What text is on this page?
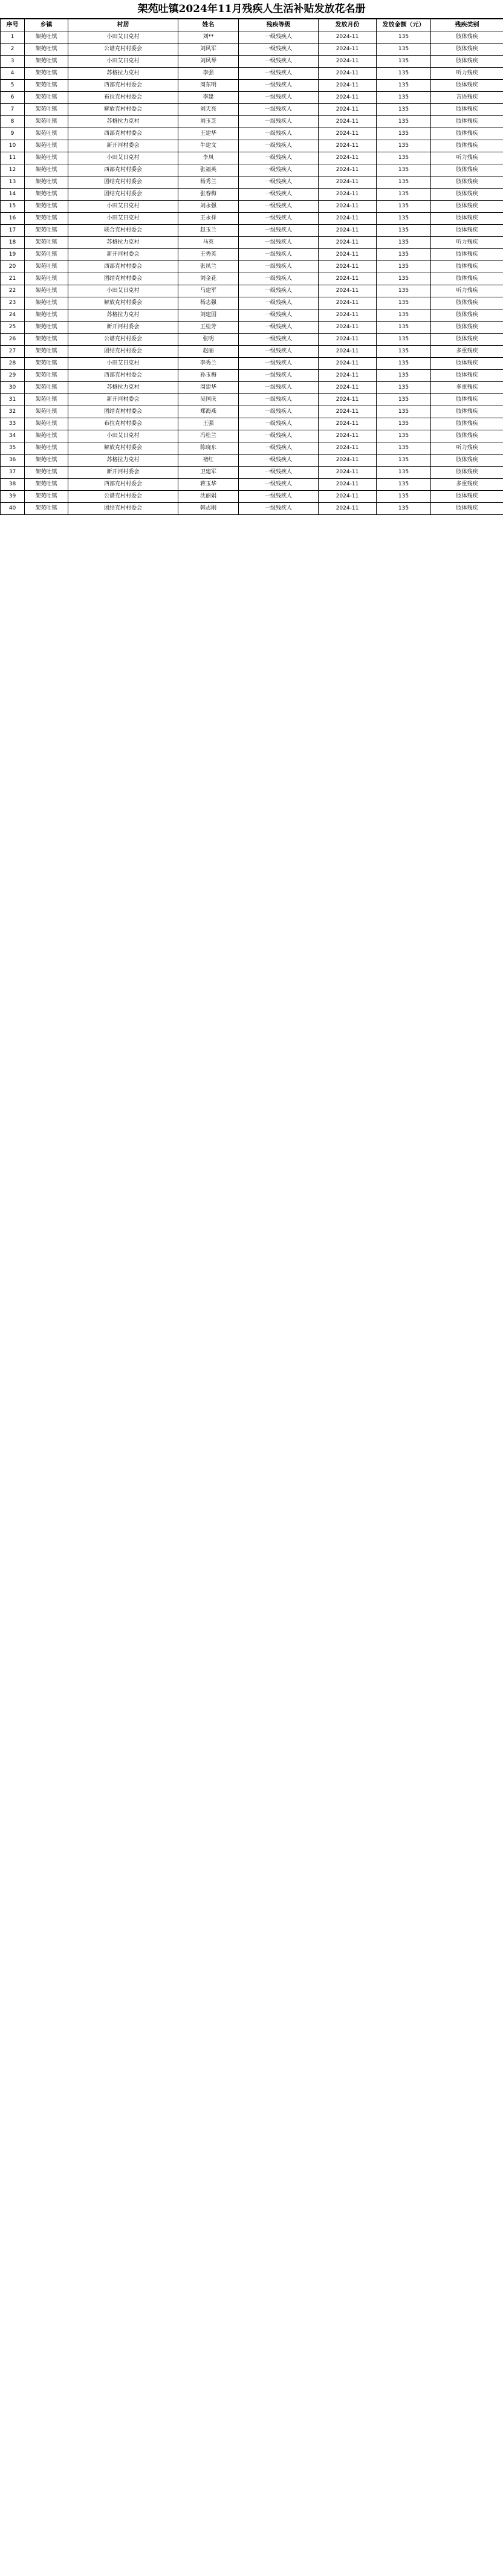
架苑吐镇2024年11月残疾人生活补贴发放花名册
序号	乡镇	村居	姓名	残疾等级	发放月份	发放金额（元）	残疾类别
1	架苑吐镇	小田艾日克村	刘**	一级残疾人	2024-11	135	肢体残疾
2	架苑吐镇	公谱克村村委会	刘风军	一级残疾人	2024-11	135	肢体残疾
3	架苑吐镇	小田艾日克村	刘风琴	一级残疾人	2024-11	135	肢体残疾
4	架苑吐镇	苏格拉力克村	李强	一级残疾人	2024-11	135	听力残疾
5	架苑吐镇	西部克村村委会	周东明	一级残疾人	2024-11	135	肢体残疾
6	架苑吐镇	布拉克村村委会	李建	一级残疾人	2024-11	135	言语残疾
7	架苑吐镇	解放克村村委会	刘天亮	一级残疾人	2024-11	135	肢体残疾
8	架苑吐镇	苏格拉力克村	刘玉芝	一级残疾人	2024-11	135	肢体残疾
9	架苑吐镇	西部克村村委会	王建华	一级残疾人	2024-11	135	肢体残疾
10	架苑吐镇	新开河村委会	牛建文	一级残疾人	2024-11	135	肢体残疾
11	架苑吐镇	小田艾日克村	李凤	一级残疾人	2024-11	135	听力残疾
12	架苑吐镇	西部克村村委会	张福英	一级残疾人	2024-11	135	肢体残疾
13	架苑吐镇	团结克村村委会	杨秀兰	一级残疾人	2024-11	135	肢体残疾
14	架苑吐镇	团结克村村委会	张春梅	一级残疾人	2024-11	135	肢体残疾
15	架苑吐镇	小田艾日克村	刘永强	一级残疾人	2024-11	135	肢体残疾
16	架苑吐镇	小田艾日克村	王永祥	一级残疾人	2024-11	135	肢体残疾
17	架苑吐镇	联合克村村委会	赵玉兰	一级残疾人	2024-11	135	肢体残疾
18	架苑吐镇	苏格拉力克村	马英	一级残疾人	2024-11	135	听力残疾
19	架苑吐镇	新开河村委会	王秀英	一级残疾人	2024-11	135	肢体残疾
20	架苑吐镇	西部克村村委会	张凤兰	一级残疾人	2024-11	135	肢体残疾
21	架苑吐镇	团结克村村委会	刘金花	一级残疾人	2024-11	135	肢体残疾
22	架苑吐镇	小田艾日克村	马建军	一级残疾人	2024-11	135	听力残疾
23	架苑吐镇	解放克村村委会	杨志强	一级残疾人	2024-11	135	肢体残疾
24	架苑吐镇	苏格拉力克村	刘建国	一级残疾人	2024-11	135	肢体残疾
25	架苑吐镇	新开河村委会	王桂芳	一级残疾人	2024-11	135	肢体残疾
26	架苑吐镇	公谱克村村委会	张明	一级残疾人	2024-11	135	肢体残疾
27	架苑吐镇	团结克村村委会	赵丽	一级残疾人	2024-11	135	多重残疾
28	架苑吐镇	小田艾日克村	李秀兰	一级残疾人	2024-11	135	肢体残疾
29	架苑吐镇	西部克村村委会	孙玉梅	一级残疾人	2024-11	135	肢体残疾
30	架苑吐镇	苏格拉力克村	周建华	一级残疾人	2024-11	135	多重残疾
31	架苑吐镇	新开河村委会	吴国庆	一级残疾人	2024-11	135	肢体残疾
32	架苑吐镇	团结克村村委会	郑海燕	一级残疾人	2024-11	135	肢体残疾
33	架苑吐镇	布拉克村村委会	王强	一级残疾人	2024-11	135	肢体残疾
34	架苑吐镇	小田艾日克村	冯桂兰	一级残疾人	2024-11	135	肢体残疾
35	架苑吐镇	解放克村村委会	陈晓东	一级残疾人	2024-11	135	听力残疾
36	架苑吐镇	苏格拉力克村	褚红	一级残疾人	2024-11	135	肢体残疾
37	架苑吐镇	新开河村委会	卫建军	一级残疾人	2024-11	135	肢体残疾
38	架苑吐镇	西部克村村委会	蒋玉华	一级残疾人	2024-11	135	多重残疾
39	架苑吐镇	公谱克村村委会	沈丽娟	一级残疾人	2024-11	135	肢体残疾
40	架苑吐镇	团结克村村委会	韩志刚	一级残疾人	2024-11	135	肢体残疾
